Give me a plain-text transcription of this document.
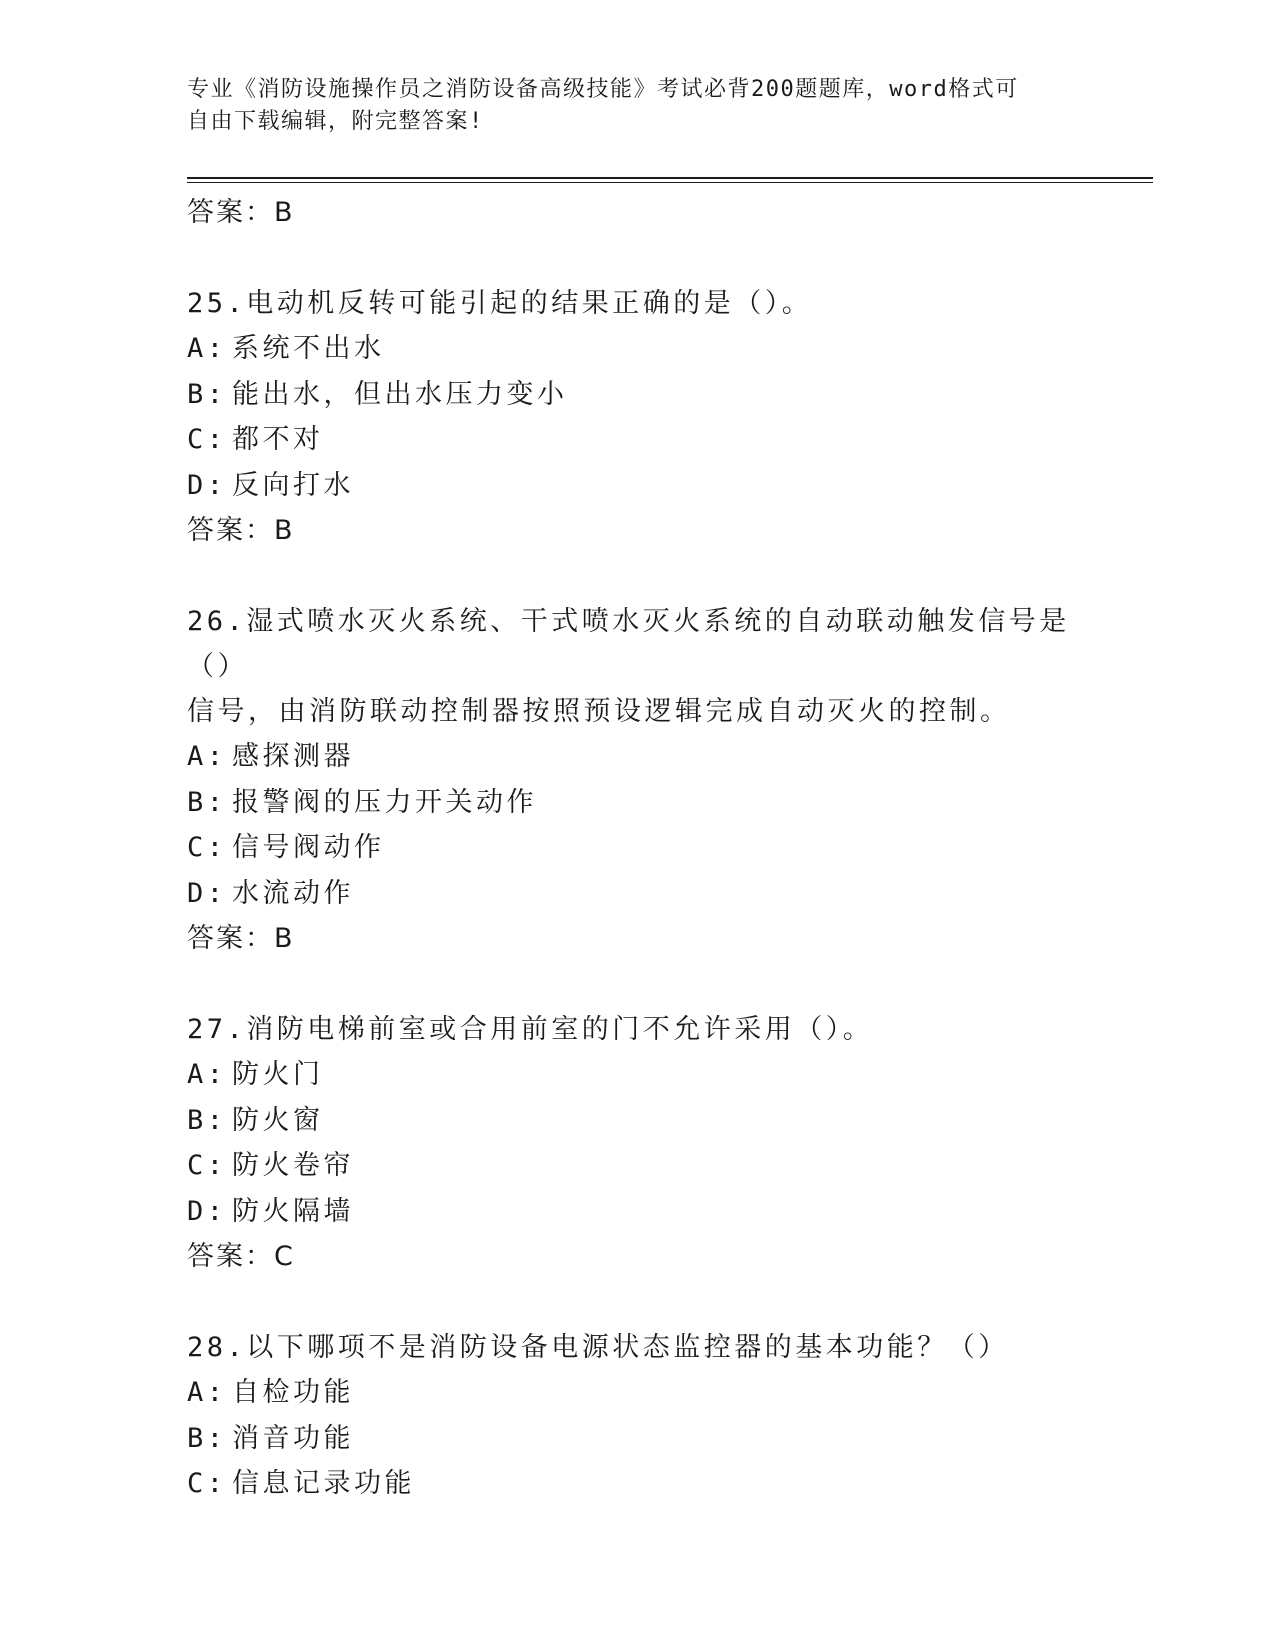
专业《消防设施操作员之消防设备高级技能》考试必背200题题库，word格式可
自由下载编辑，附完整答案!
答案：B
25.电动机反转可能引起的结果正确的是（）。
A: 系统不出水
B: 能出水，但出水压力变小
C: 都不对
D: 反向打水
答案：B
26.湿式喷水灭火系统、干式喷水灭火系统的自动联动触发信号是（）
信号，由消防联动控制器按照预设逻辑完成自动灭火的控制。
A: 感探测器
B: 报警阀的压力开关动作
C: 信号阀动作
D: 水流动作
答案：B
27.消防电梯前室或合用前室的门不允许采用（）。
A: 防火门
B: 防火窗
C: 防火卷帘
D: 防火隔墙
答案：C
28.以下哪项不是消防设备电源状态监控器的基本功能？（）
A: 自检功能
B: 消音功能
C: 信息记录功能
